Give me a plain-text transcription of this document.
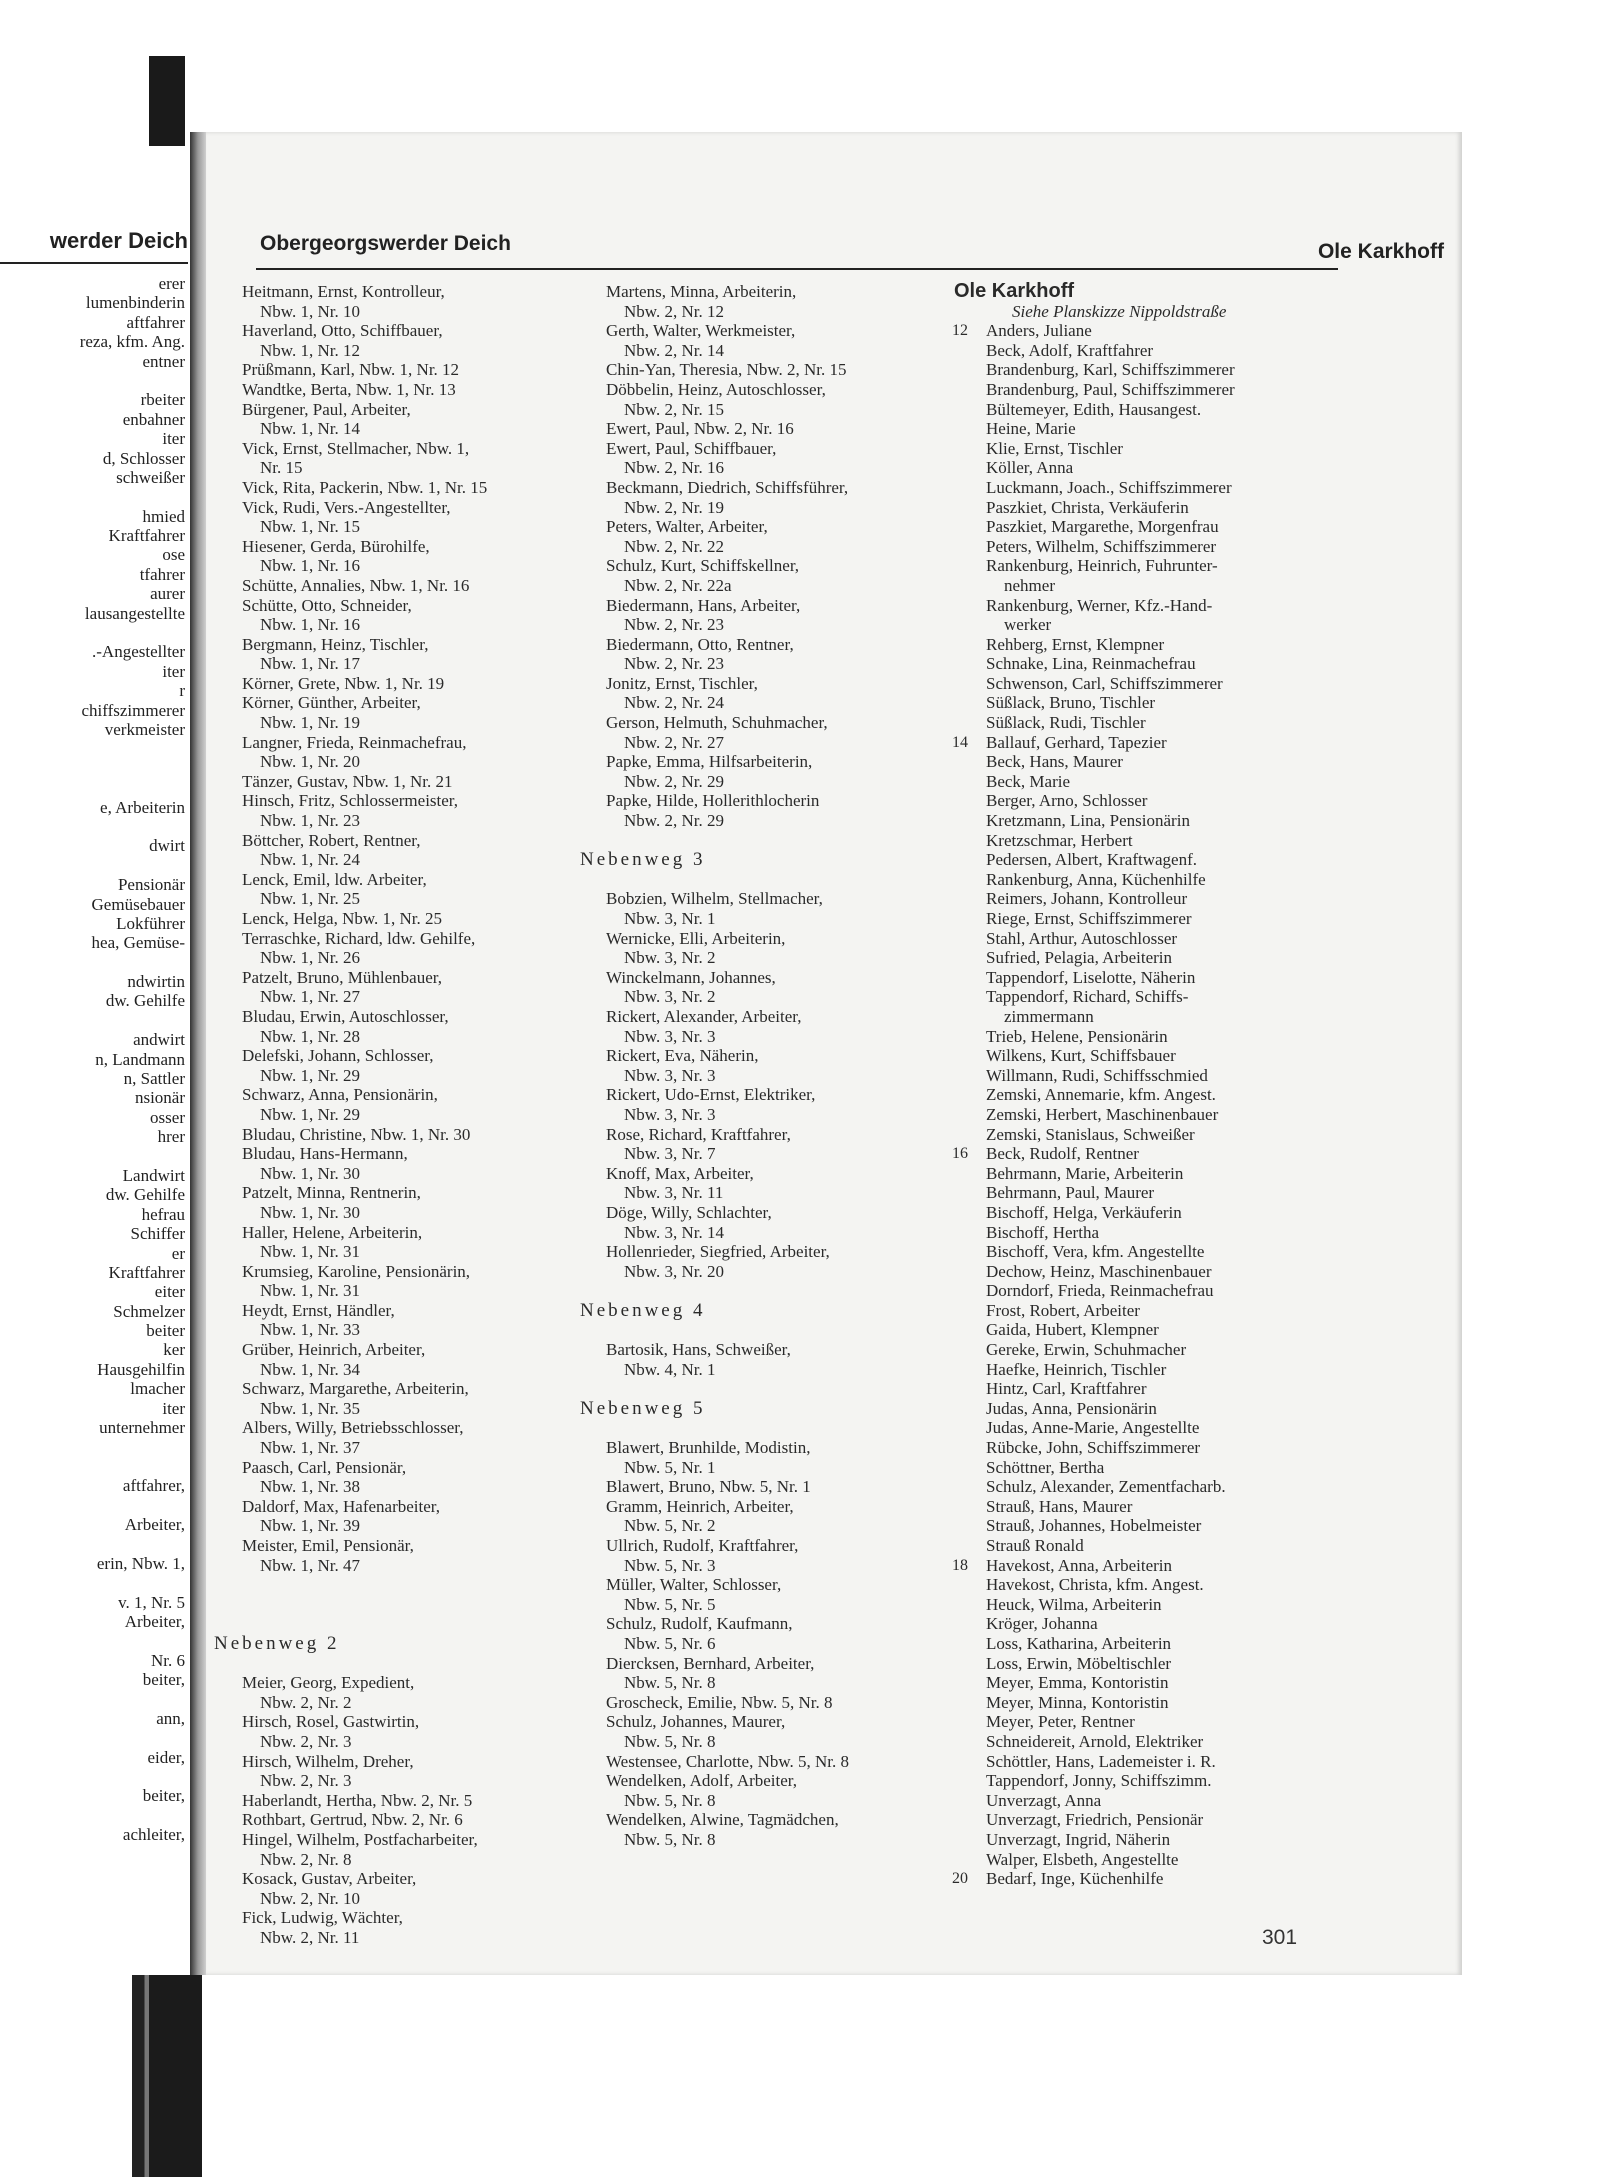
werder Deich
erer
lumenbinderin
aftfahrer
reza, kfm. Ang.
entner
rbeiter
enbahner
iter
d, Schlosser
schweißer
hmied
Kraftfahrer
ose
tfahrer
aurer
lausangestellte
.-Angestellter
iter
r
chiffszimmerer
verkmeister
e, Arbeiterin
dwirt
Pensionär
Gemüsebauer
Lokführer
hea, Gemüse-
ndwirtin
dw. Gehilfe
andwirt
n, Landmann
n, Sattler
nsionär
osser
hrer
Landwirt
dw. Gehilfe
hefrau
Schiffer
er
Kraftfahrer
eiter
Schmelzer
beiter
ker
Hausgehilfin
lmacher
iter
unternehmer
aftfahrer,
Arbeiter,
erin, Nbw. 1,
v. 1, Nr. 5
Arbeiter,
Nr. 6
beiter,
ann,
eider,
beiter,
achleiter,
Obergeorgswerder Deich	Ole Karkhoff
Heitmann, Ernst, Kontrolleur,
Nbw. 1, Nr. 10
Haverland, Otto, Schiffbauer,
Nbw. 1, Nr. 12
Prüßmann, Karl, Nbw. 1, Nr. 12
Wandtke, Berta, Nbw. 1, Nr. 13
Bürgener, Paul, Arbeiter,
Nbw. 1, Nr. 14
Vick, Ernst, Stellmacher, Nbw. 1,
Nr. 15
Vick, Rita, Packerin, Nbw. 1, Nr. 15
Vick, Rudi, Vers.-Angestellter,
Nbw. 1, Nr. 15
Hiesener, Gerda, Bürohilfe,
Nbw. 1, Nr. 16
Schütte, Annalies, Nbw. 1, Nr. 16
Schütte, Otto, Schneider,
Nbw. 1, Nr. 16
Bergmann, Heinz, Tischler,
Nbw. 1, Nr. 17
Körner, Grete, Nbw. 1, Nr. 19
Körner, Günther, Arbeiter,
Nbw. 1, Nr. 19
Langner, Frieda, Reinmachefrau,
Nbw. 1, Nr. 20
Tänzer, Gustav, Nbw. 1, Nr. 21
Hinsch, Fritz, Schlossermeister,
Nbw. 1, Nr. 23
Böttcher, Robert, Rentner,
Nbw. 1, Nr. 24
Lenck, Emil, ldw. Arbeiter,
Nbw. 1, Nr. 25
Lenck, Helga, Nbw. 1, Nr. 25
Terraschke, Richard, ldw. Gehilfe,
Nbw. 1, Nr. 26
Patzelt, Bruno, Mühlenbauer,
Nbw. 1, Nr. 27
Bludau, Erwin, Autoschlosser,
Nbw. 1, Nr. 28
Delefski, Johann, Schlosser,
Nbw. 1, Nr. 29
Schwarz, Anna, Pensionärin,
Nbw. 1, Nr. 29
Bludau, Christine, Nbw. 1, Nr. 30
Bludau, Hans-Hermann,
Nbw. 1, Nr. 30
Patzelt, Minna, Rentnerin,
Nbw. 1, Nr. 30
Haller, Helene, Arbeiterin,
Nbw. 1, Nr. 31
Krumsieg, Karoline, Pensionärin,
Nbw. 1, Nr. 31
Heydt, Ernst, Händler,
Nbw. 1, Nr. 33
Grüber, Heinrich, Arbeiter,
Nbw. 1, Nr. 34
Schwarz, Margarethe, Arbeiterin,
Nbw. 1, Nr. 35
Albers, Willy, Betriebsschlosser,
Nbw. 1, Nr. 37
Paasch, Carl, Pensionär,
Nbw. 1, Nr. 38
Daldorf, Max, Hafenarbeiter,
Nbw. 1, Nr. 39
Meister, Emil, Pensionär,
Nbw. 1, Nr. 47
Nebenweg 2
Meier, Georg, Expedient,
Nbw. 2, Nr. 2
Hirsch, Rosel, Gastwirtin,
Nbw. 2, Nr. 3
Hirsch, Wilhelm, Dreher,
Nbw. 2, Nr. 3
Haberlandt, Hertha, Nbw. 2, Nr. 5
Rothbart, Gertrud, Nbw. 2, Nr. 6
Hingel, Wilhelm, Postfacharbeiter,
Nbw. 2, Nr. 8
Kosack, Gustav, Arbeiter,
Nbw. 2, Nr. 10
Fick, Ludwig, Wächter,
Nbw. 2, Nr. 11
Martens, Minna, Arbeiterin,
Nbw. 2, Nr. 12
Gerth, Walter, Werkmeister,
Nbw. 2, Nr. 14
Chin-Yan, Theresia, Nbw. 2, Nr. 15
Döbbelin, Heinz, Autoschlosser,
Nbw. 2, Nr. 15
Ewert, Paul, Nbw. 2, Nr. 16
Ewert, Paul, Schiffbauer,
Nbw. 2, Nr. 16
Beckmann, Diedrich, Schiffsführer,
Nbw. 2, Nr. 19
Peters, Walter, Arbeiter,
Nbw. 2, Nr. 22
Schulz, Kurt, Schiffskellner,
Nbw. 2, Nr. 22a
Biedermann, Hans, Arbeiter,
Nbw. 2, Nr. 23
Biedermann, Otto, Rentner,
Nbw. 2, Nr. 23
Jonitz, Ernst, Tischler,
Nbw. 2, Nr. 24
Gerson, Helmuth, Schuhmacher,
Nbw. 2, Nr. 27
Papke, Emma, Hilfsarbeiterin,
Nbw. 2, Nr. 29
Papke, Hilde, Hollerithlocherin
Nbw. 2, Nr. 29
Nebenweg 3
Bobzien, Wilhelm, Stellmacher,
Nbw. 3, Nr. 1
Wernicke, Elli, Arbeiterin,
Nbw. 3, Nr. 2
Winckelmann, Johannes,
Nbw. 3, Nr. 2
Rickert, Alexander, Arbeiter,
Nbw. 3, Nr. 3
Rickert, Eva, Näherin,
Nbw. 3, Nr. 3
Rickert, Udo-Ernst, Elektriker,
Nbw. 3, Nr. 3
Rose, Richard, Kraftfahrer,
Nbw. 3, Nr. 7
Knoff, Max, Arbeiter,
Nbw. 3, Nr. 11
Döge, Willy, Schlachter,
Nbw. 3, Nr. 14
Hollenrieder, Siegfried, Arbeiter,
Nbw. 3, Nr. 20
Nebenweg 4
Bartosik, Hans, Schweißer,
Nbw. 4, Nr. 1
Nebenweg 5
Blawert, Brunhilde, Modistin,
Nbw. 5, Nr. 1
Blawert, Bruno, Nbw. 5, Nr. 1
Gramm, Heinrich, Arbeiter,
Nbw. 5, Nr. 2
Ullrich, Rudolf, Kraftfahrer,
Nbw. 5, Nr. 3
Müller, Walter, Schlosser,
Nbw. 5, Nr. 5
Schulz, Rudolf, Kaufmann,
Nbw. 5, Nr. 6
Diercksen, Bernhard, Arbeiter,
Nbw. 5, Nr. 8
Groscheck, Emilie, Nbw. 5, Nr. 8
Schulz, Johannes, Maurer,
Nbw. 5, Nr. 8
Westensee, Charlotte, Nbw. 5, Nr. 8
Wendelken, Adolf, Arbeiter,
Nbw. 5, Nr. 8
Wendelken, Alwine, Tagmädchen,
Nbw. 5, Nr. 8
Ole Karkhoff
Siehe Planskizze Nippoldstraße
12	Anders, Juliane
Beck, Adolf, Kraftfahrer
Brandenburg, Karl, Schiffszimmerer
Brandenburg, Paul, Schiffszimmerer
Bültemeyer, Edith, Hausangest.
Heine, Marie
Klie, Ernst, Tischler
Köller, Anna
Luckmann, Joach., Schiffszimmerer
Paszkiet, Christa, Verkäuferin
Paszkiet, Margarethe, Morgenfrau
Peters, Wilhelm, Schiffszimmerer
Rankenburg, Heinrich, Fuhrunter-
nehmer
Rankenburg, Werner, Kfz.-Hand-
werker
Rehberg, Ernst, Klempner
Schnake, Lina, Reinmachefrau
Schwenson, Carl, Schiffszimmerer
Süßlack, Bruno, Tischler
Süßlack, Rudi, Tischler
14	Ballauf, Gerhard, Tapezier
Beck, Hans, Maurer
Beck, Marie
Berger, Arno, Schlosser
Kretzmann, Lina, Pensionärin
Kretzschmar, Herbert
Pedersen, Albert, Kraftwagenf.
Rankenburg, Anna, Küchenhilfe
Reimers, Johann, Kontrolleur
Riege, Ernst, Schiffszimmerer
Stahl, Arthur, Autoschlosser
Sufried, Pelagia, Arbeiterin
Tappendorf, Liselotte, Näherin
Tappendorf, Richard, Schiffs-
zimmermann
Trieb, Helene, Pensionärin
Wilkens, Kurt, Schiffsbauer
Willmann, Rudi, Schiffsschmied
Zemski, Annemarie, kfm. Angest.
Zemski, Herbert, Maschinenbauer
Zemski, Stanislaus, Schweißer
16	Beck, Rudolf, Rentner
Behrmann, Marie, Arbeiterin
Behrmann, Paul, Maurer
Bischoff, Helga, Verkäuferin
Bischoff, Hertha
Bischoff, Vera, kfm. Angestellte
Dechow, Heinz, Maschinenbauer
Dorndorf, Frieda, Reinmachefrau
Frost, Robert, Arbeiter
Gaida, Hubert, Klempner
Gereke, Erwin, Schuhmacher
Haefke, Heinrich, Tischler
Hintz, Carl, Kraftfahrer
Judas, Anna, Pensionärin
Judas, Anne-Marie, Angestellte
Rübcke, John, Schiffszimmerer
Schöttner, Bertha
Schulz, Alexander, Zementfacharb.
Strauß, Hans, Maurer
Strauß, Johannes, Hobelmeister
Strauß Ronald
18	Havekost, Anna, Arbeiterin
Havekost, Christa, kfm. Angest.
Heuck, Wilma, Arbeiterin
Kröger, Johanna
Loss, Katharina, Arbeiterin
Loss, Erwin, Möbeltischler
Meyer, Emma, Kontoristin
Meyer, Minna, Kontoristin
Meyer, Peter, Rentner
Schneidereit, Arnold, Elektriker
Schöttler, Hans, Lademeister i. R.
Tappendorf, Jonny, Schiffszimm.
Unverzagt, Anna
Unverzagt, Friedrich, Pensionär
Unverzagt, Ingrid, Näherin
Walper, Elsbeth, Angestellte
20	Bedarf, Inge, Küchenhilfe
301
